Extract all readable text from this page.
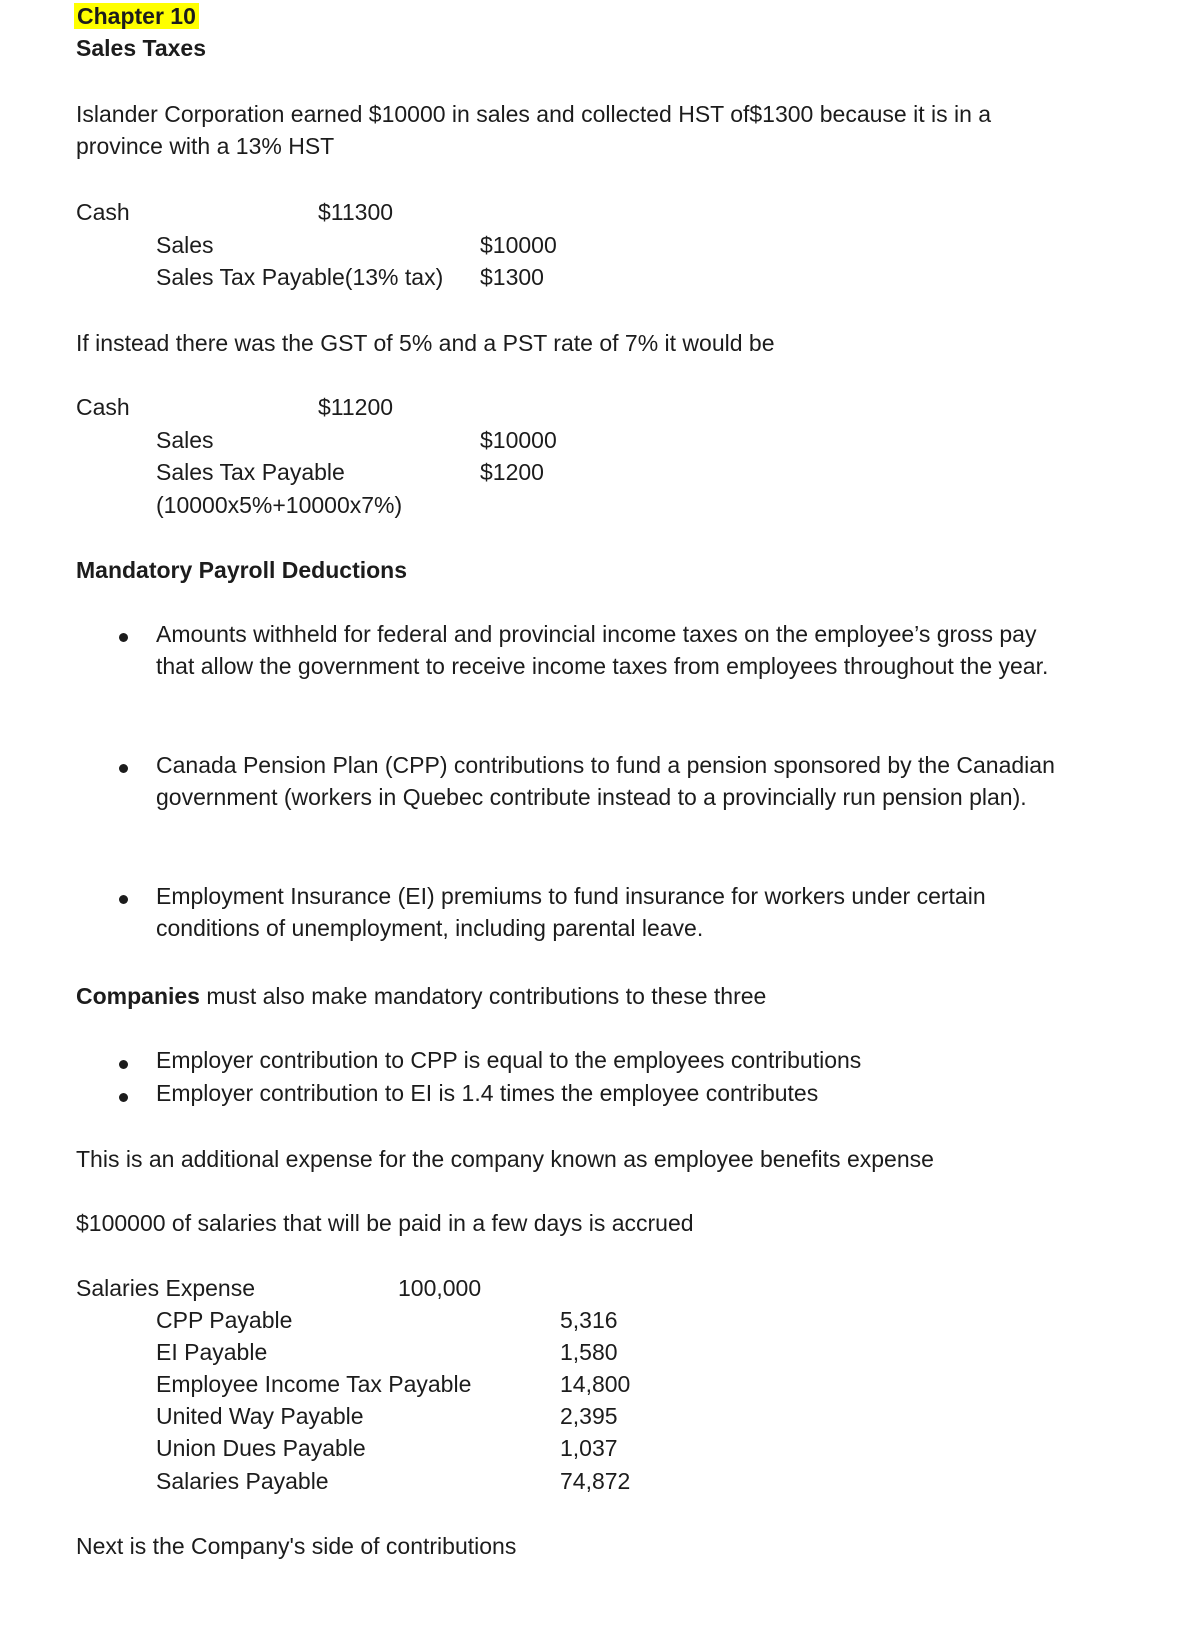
Chapter 10
Sales Taxes
Islander Corporation earned $10000 in sales and collected HST of$1300 because it is in a province with a 13% HST
Cash	$11300
Sales	$10000
Sales Tax Payable(13% tax) $1300
If instead there was the GST of 5% and a PST rate of 7% it would be
Cash	$11200
Sales	$10000
Sales Tax Payable	$1200
(10000x5%+10000x7%)
Mandatory Payroll Deductions
Amounts withheld for federal and provincial income taxes on the employee’s gross pay that allow the government to receive income taxes from employees throughout the year.
Canada Pension Plan (CPP) contributions to fund a pension sponsored by the Canadian government (workers in Quebec contribute instead to a provincially run pension plan).
Employment Insurance (EI) premiums to fund insurance for workers under certain conditions of unemployment, including parental leave.
Companies must also make mandatory contributions to these three
Employer contribution to CPP is equal to the employees contributions
Employer contribution to EI is 1.4 times the employee contributes
This is an additional expense for the company known as employee benefits expense
$100000 of salaries that will be paid in a few days is accrued
Salaries Expense	100,000
CPP Payable	5,316
EI Payable	1,580
Employee Income Tax Payable	14,800
United Way Payable	2,395
Union Dues Payable	1,037
Salaries Payable	74,872
Next is the Company's side of contributions
